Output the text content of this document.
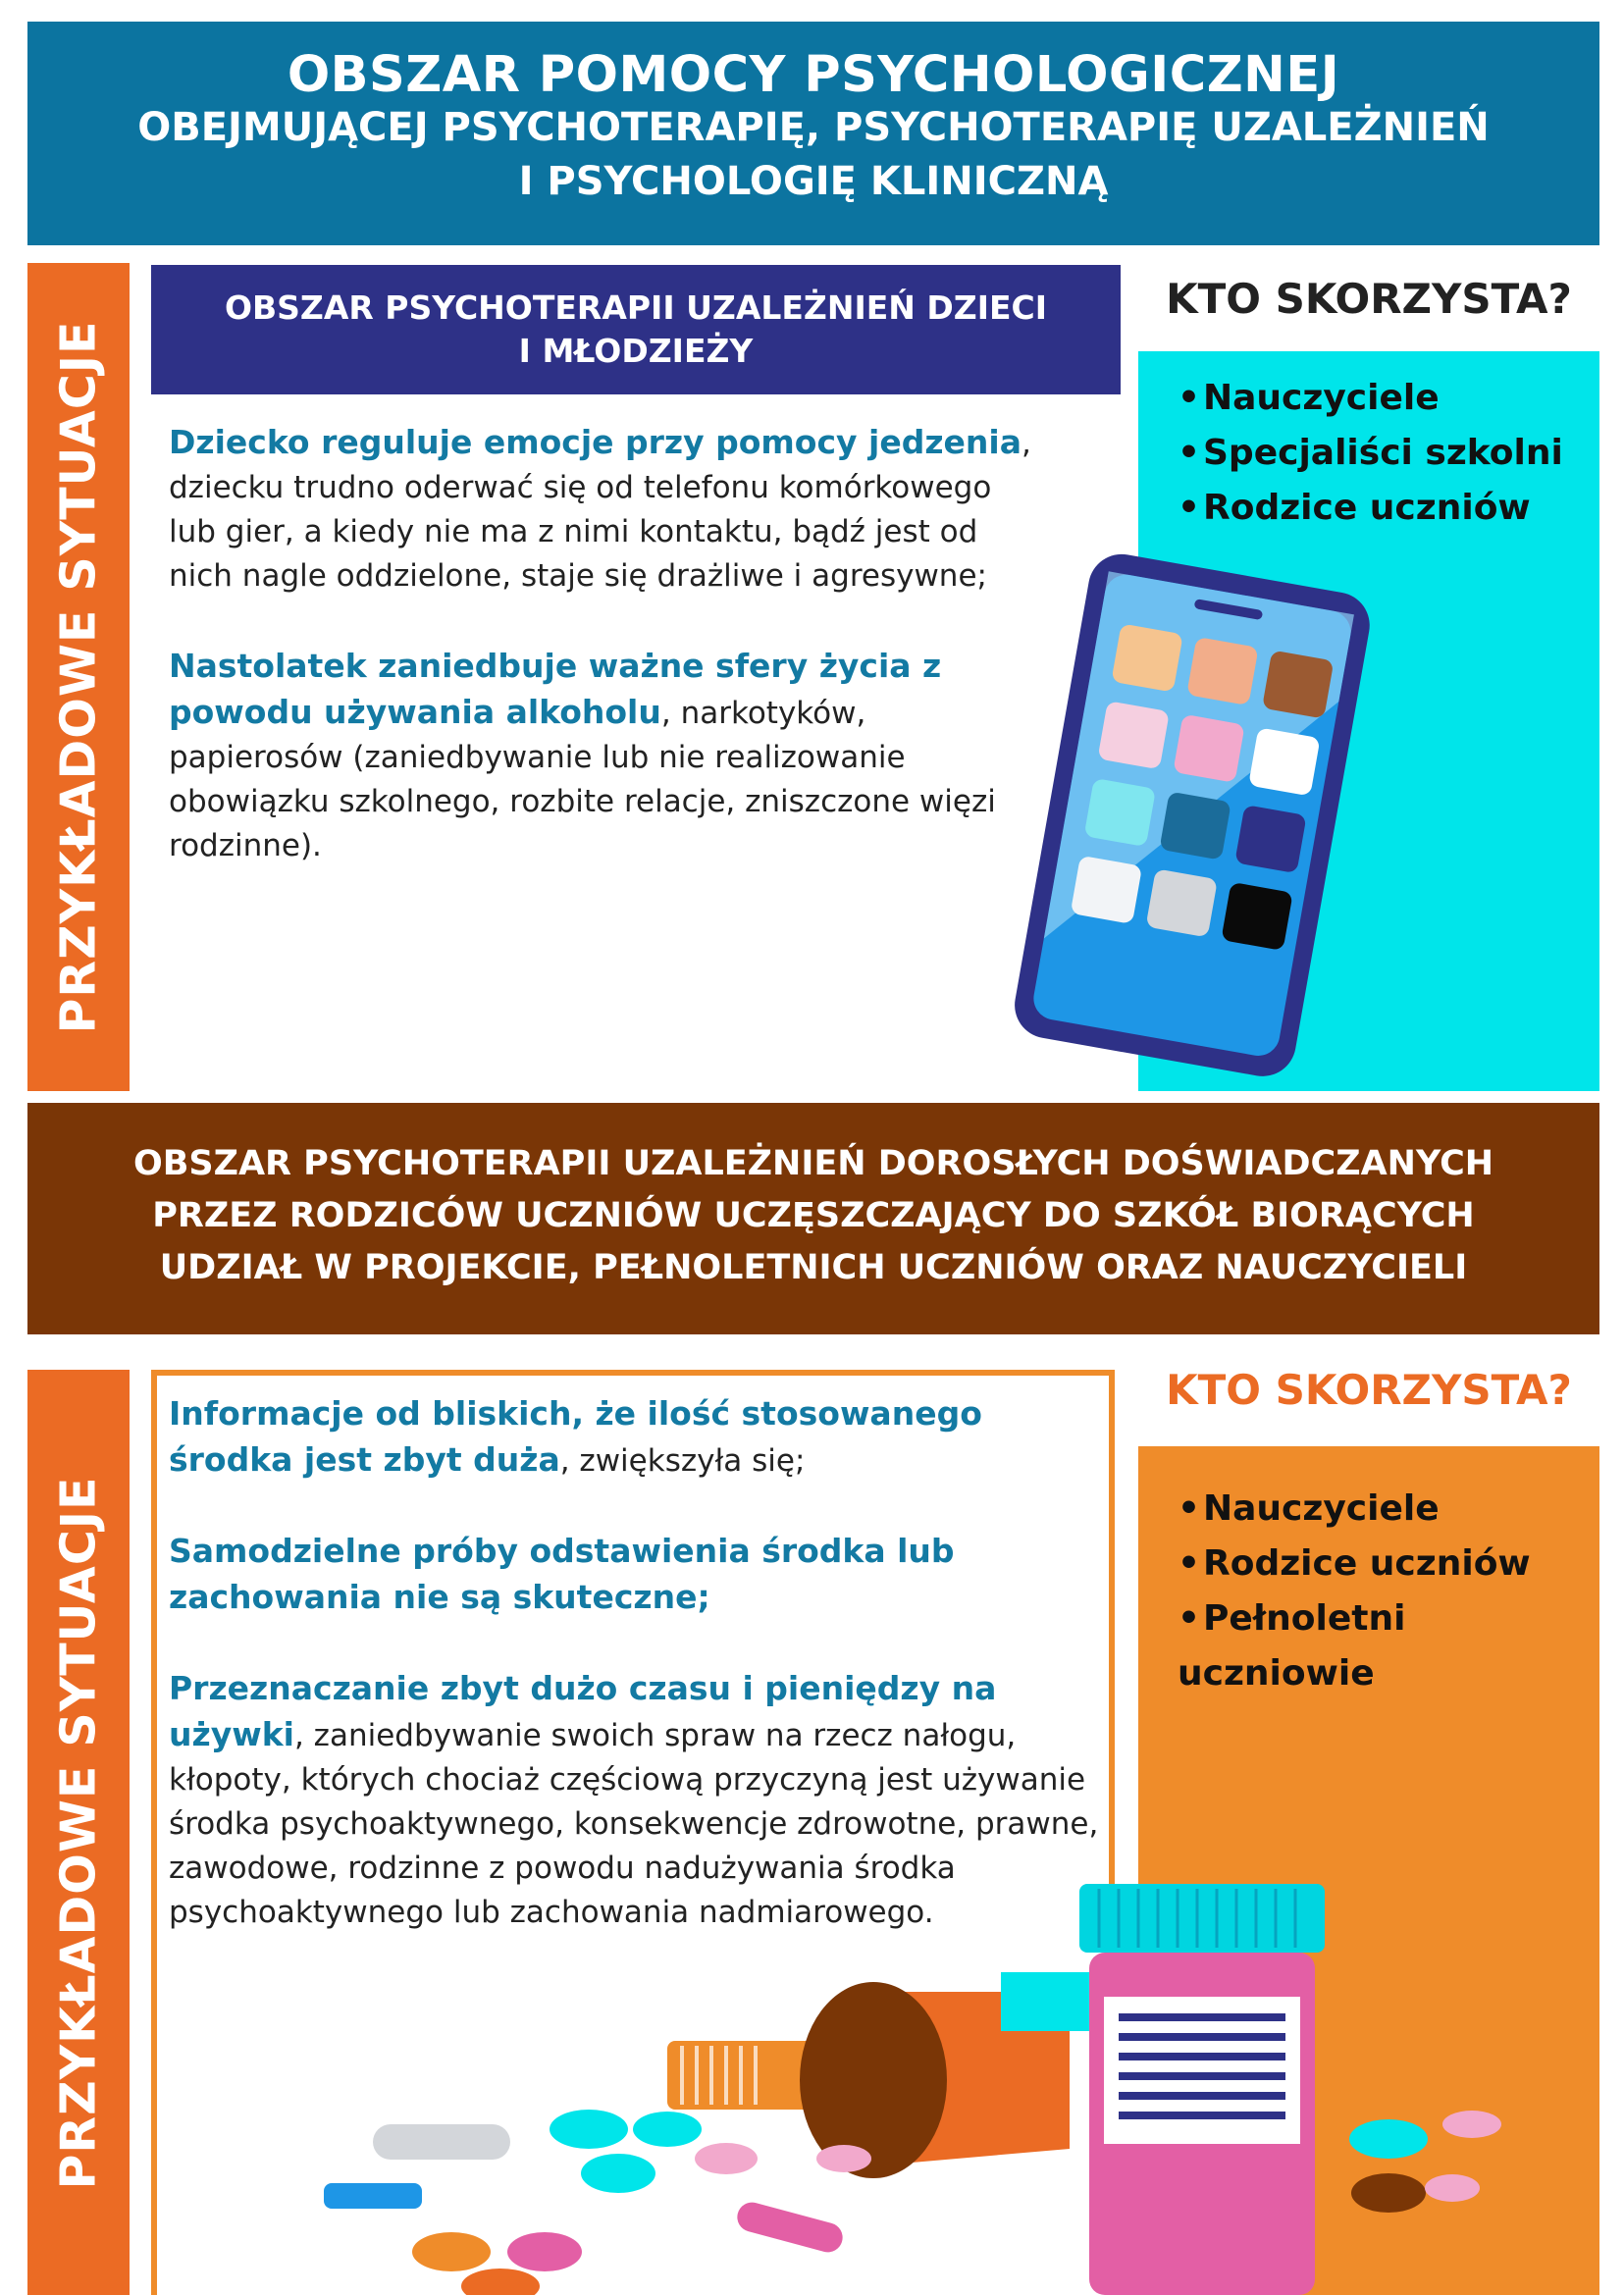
OBSZAR POMOCY PSYCHOLOGICZNEJ
OBEJMUJĄCEJ PSYCHOTERAPIĘ, PSYCHOTERAPIĘ UZALEŻNIEŃ
I PSYCHOLOGIĘ KLINICZNĄ
PRZYKŁADOWE SYTUACJE
OBSZAR PSYCHOTERAPII UZALEŻNIEŃ DZIECI
I MŁODZIEŻY
Dziecko reguluje emocje przy pomocy jedzenia, dziecku trudno oderwać się od telefonu komórkowego lub gier, a kiedy nie ma z nimi kontaktu, bądź jest od nich nagle oddzielone, staje się drażliwe i agresywne;
Nastolatek zaniedbuje ważne sfery życia z powodu używania alkoholu, narkotyków, papierosów (zaniedbywanie lub nie realizowanie obowiązku szkolnego, rozbite relacje, zniszczone więzi rodzinne).
KTO SKORZYSTA?
• Nauczyciele
• Specjaliści szkolni
• Rodzice uczniów
OBSZAR PSYCHOTERAPII UZALEŻNIEŃ DOROSŁYCH DOŚWIADCZANYCH
PRZEZ RODZICÓW UCZNIÓW UCZĘSZCZAJĄCY DO SZKÓŁ BIORĄCYCH
UDZIAŁ W PROJEKCIE, PEŁNOLETNICH UCZNIÓW ORAZ NAUCZYCIELI
PRZYKŁADOWE SYTUACJE
Informacje od bliskich, że ilość stosowanego środka jest zbyt duża, zwiększyła się;
Samodzielne próby odstawienia środka lub zachowania nie są skuteczne;
Przeznaczanie zbyt dużo czasu i pieniędzy na używki, zaniedbywanie swoich spraw na rzecz nałogu, kłopoty, których chociaż częściową przyczyną jest używanie środka psychoaktywnego, konsekwencje zdrowotne, prawne, zawodowe, rodzinne z powodu nadużywania środka psychoaktywnego lub zachowania nadmiarowego.
KTO SKORZYSTA?
• Nauczyciele
• Rodzice uczniów
• Pełnoletni
uczniowie
